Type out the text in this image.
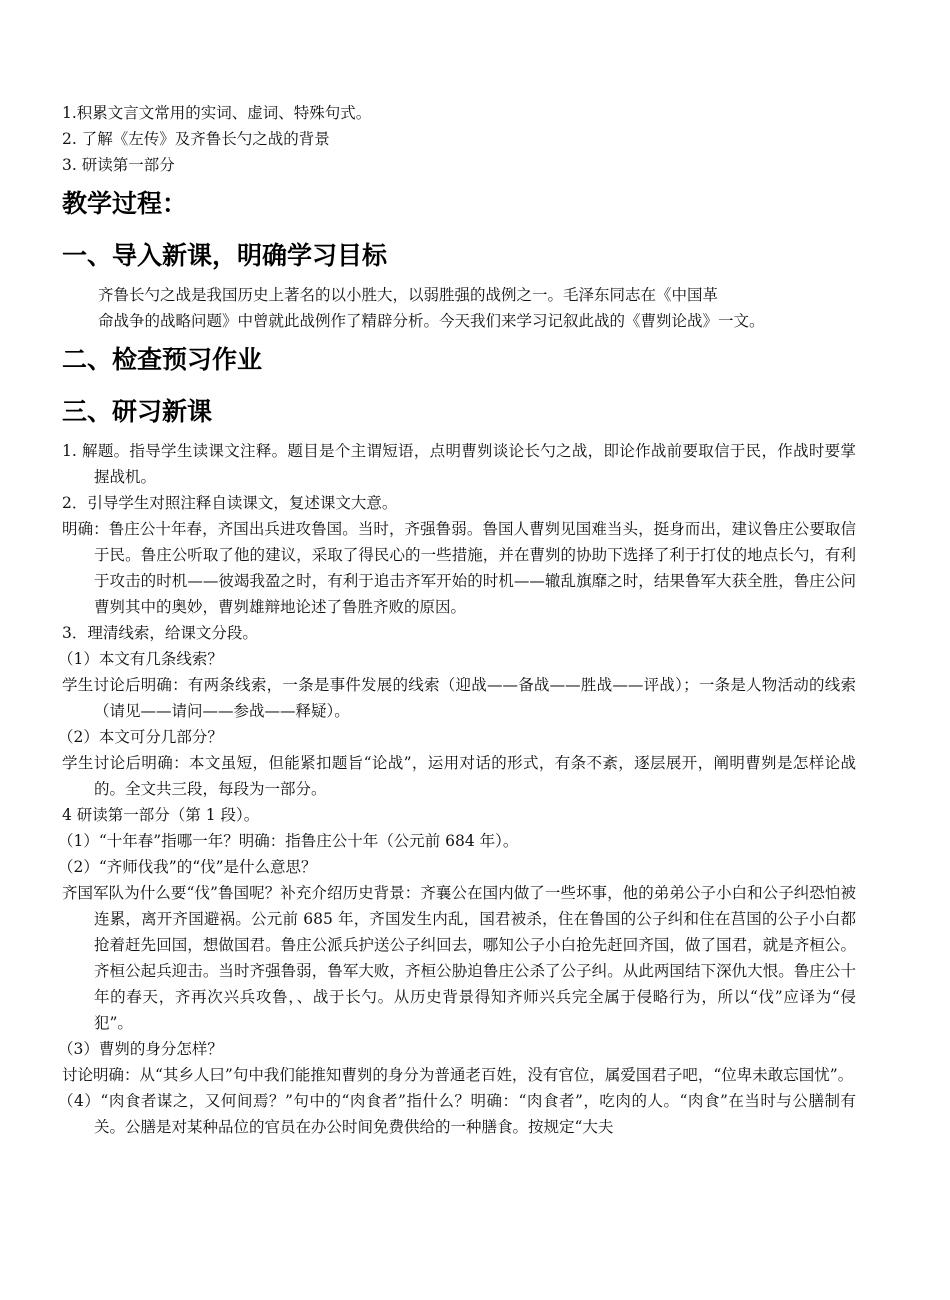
1.积累文言文常用的实词、虚词、特殊句式。

2. 了解《左传》及齐鲁长勺之战的背景

3. 研读第一部分

教学过程：
一、导入新课，明确学习目标

齐鲁长勺之战是我国历史上著名的以小胜大，以弱胜强的战例之一。毛泽东同志在《中国革
命战争的战略问题》中曾就此战例作了精辟分析。今天我们来学习记叙此战的《曹刿论战》一文。

二、检查预习作业
三、研习新课

1. 解题。指导学生读课文注释。题目是个主谓短语，点明曹刿谈论长勺之战，即论作战前要取信于民，作战时要掌握战机。

2．引导学生对照注释自读课文，复述课文大意。

明确：鲁庄公十年春，齐国出兵进攻鲁国。当时，齐强鲁弱。鲁国人曹刿见国难当头，挺身而出，建议鲁庄公要取信于民。鲁庄公听取了他的建议，采取了得民心的一些措施，并在曹刿的协助下选择了利于打仗的地点长勺，有利于攻击的时机——彼竭我盈之时，有利于追击齐军开始的时机——辙乱旗靡之时，结果鲁军大获全胜，鲁庄公问曹刿其中的奥妙，曹刿雄辩地论述了鲁胜齐败的原因。

3．理清线索，给课文分段。

（1）本文有几条线索？

学生讨论后明确：有两条线索，一条是事件发展的线索（迎战——备战——胜战——评战）；一条是人物活动的线索（请见——请问——参战——释疑）。

（2）本文可分几部分？

学生讨论后明确：本文虽短，但能紧扣题旨“论战”，运用对话的形式，有条不紊，逐层展开，阐明曹刿是怎样论战的。全文共三段，每段为一部分。

4 研读第一部分（第 1 段）。

（1）“十年春”指哪一年？明确：指鲁庄公十年（公元前 684 年）。

（2）“齐师伐我”的“伐”是什么意思？

齐国军队为什么要“伐”鲁国呢？补充介绍历史背景：齐襄公在国内做了一些坏事，他的弟弟公子小白和公子纠恐怕被连累，离开齐国避祸。公元前 685 年，齐国发生内乱，国君被杀，住在鲁国的公子纠和住在莒国的公子小白都抢着赶先回国，想做国君。鲁庄公派兵护送公子纠回去，哪知公子小白抢先赶回齐国，做了国君，就是齐桓公。齐桓公起兵迎击。当时齐强鲁弱，鲁军大败，齐桓公胁迫鲁庄公杀了公子纠。从此两国结下深仇大恨。鲁庄公十年的春天，齐再次兴兵攻鲁，、战于长勺。从历史背景得知齐师兴兵完全属于侵略行为，所以“伐”应译为“侵犯”。

（3）曹刿的身分怎样？

讨论明确：从“其乡人曰”句中我们能推知曹刿的身分为普通老百姓，没有官位，属爱国君子吧，“位卑未敢忘国忧”。

（4）“肉食者谋之，又何间焉？”句中的“肉食者”指什么？明确：“肉食者”，吃肉的人。“肉食”在当时与公膳制有关。公膳是对某种品位的官员在办公时间免费供给的一种膳食。按规定“大夫
